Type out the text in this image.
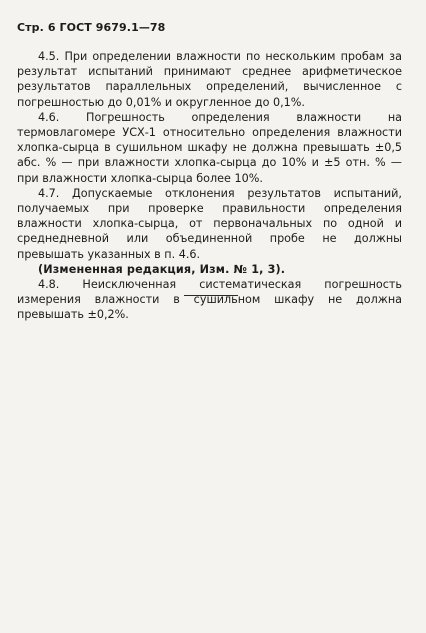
Стр. 6 ГОСТ 9679.1—78

4.5. При определении влажности по нескольким пробам за результат испытаний принимают среднее арифметическое результатов параллельных определений, вычисленное с погрешностью до 0,01% и округленное до 0,1%.

4.6. Погрешность определения влажности на термовлагомере УСХ-1 относительно определения влажности хлопка-сырца в сушильном шкафу не должна превышать ±0,5 абс. % — при влажности хлопка-сырца до 10% и ±5 отн. % — при влажности хлопка-сырца более 10%.

4.7. Допускаемые отклонения результатов испытаний, получаемых при проверке правильности определения влажности хлопка-сырца, от первоначальных по одной и среднедневной или объединенной пробе не должны превышать указанных в п. 4.6.

(Измененная редакция, Изм. № 1, 3).

4.8. Неисключенная систематическая погрешность измерения влажности в сушильном шкафу не должна превышать ±0,2%.
